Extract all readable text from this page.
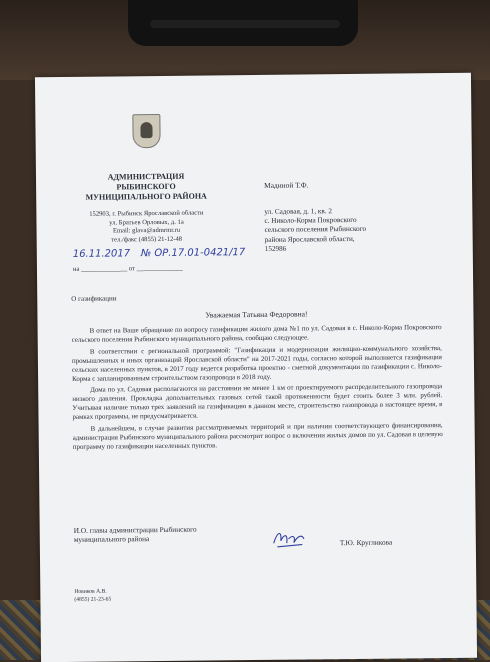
АДМИНИСТРАЦИЯ
РЫБИНСКОГО
МУНИЦИПАЛЬНОГО РАЙОНА
152903, г. Рыбинск Ярославской области
ул. Братьев Орловых, д. 1а
Email: glava@admrmr.ru
тел./факс (4855) 21-12-48
16.11.2017 № ОР.17.01-0421/17
на ______________ от ______________
Мадиной Т.Ф.
ул. Садовая, д. 1, кв. 2
с. Николо-Корма Покровского
сельского поселения Рыбинского
района Ярославской области,
152986
О газификации
Уважаемая Татьяна Федоровна!

В ответ на Ваше обращение по вопросу газификации жилого дома №1 по ул. Садовая в с. Николо-Корма Покровского сельского поселения Рыбинского муниципального района, сообщаю следующее.

В соответствии с региональной программой: "Газификация и модернизация жилищно-коммунального хозяйства, промышленных и иных организаций Ярославской области" на 2017-2021 годы, согласно которой выполняется газификация сельских населенных пунктов, в 2017 году ведется разработка проектно - сметной документации по газификации с. Николо-Корма с запланированным строительством газопровода в 2018 году.

Дома по ул. Садовая располагаются на расстоянии не менее 1 км от проектируемого распределительного газопровода низкого давления. Прокладка дополнительных газовых сетей такой протяженности будет стоить более 3 млн. рублей. Учитывая наличие только трех заявлений на газификацию в данном месте, строительство газопровода в настоящее время, в рамках программы, не предусматривается.

В дальнейшем, в случае развития рассматриваемых территорий и при наличии соответствующего финансирования, администрация Рыбинского муниципального района рассмотрит вопрос о включении жилых домов по ул. Садовая в целевую программу по газификации населенных пунктов.

И.О. главы администрации Рыбинского
муниципального района	Т.Ю. Кругликова
Новиков А.В.
(4855) 21-23-65
